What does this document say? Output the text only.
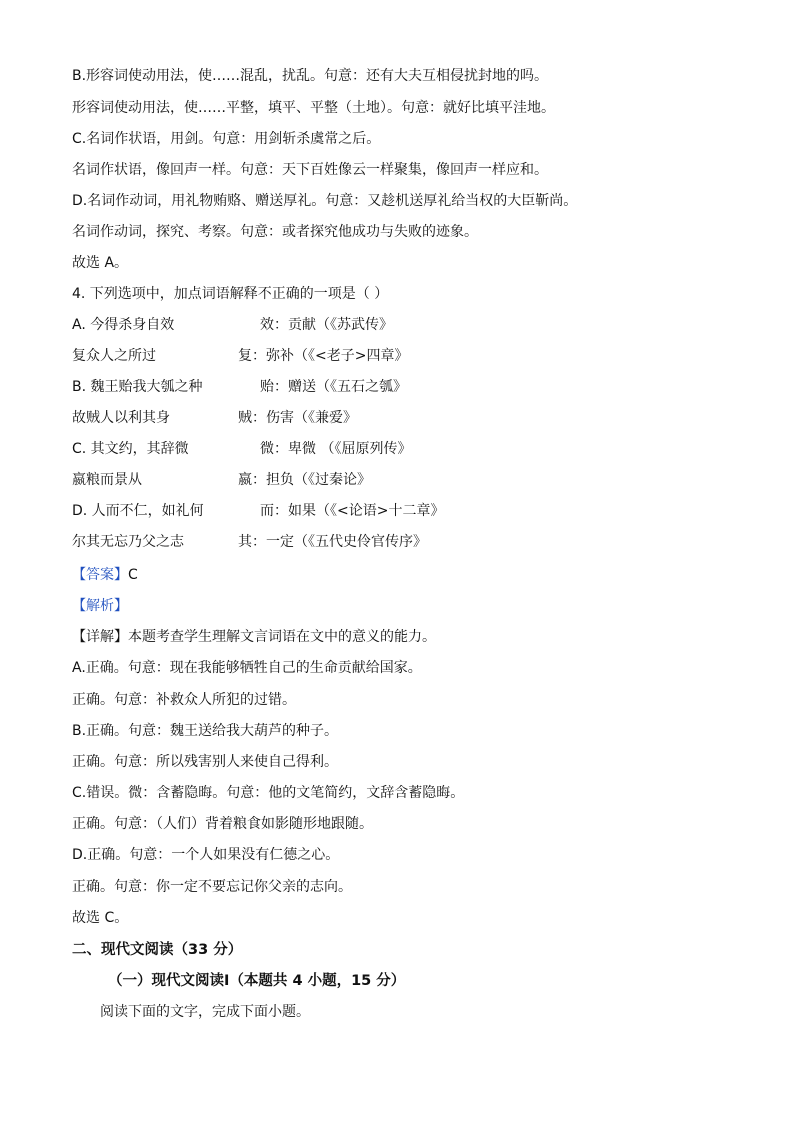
B.形容词使动用法，使……混乱，扰乱。句意：还有大夫互相侵扰封地的吗。
形容词使动用法，使……平整，填平、平整（土地）。句意：就好比填平洼地。
C.名词作状语，用剑。句意：用剑斩杀虞常之后。
名词作状语，像回声一样。句意：天下百姓像云一样聚集，像回声一样应和。
D.名词作动词，用礼物贿赂、赠送厚礼。句意：又趁机送厚礼给当权的大臣靳尚。
名词作动词，探究、考察。句意：或者探究他成功与失败的迹象。
故选 A。
4. 下列选项中，加点词语解释不正确的一项是（ ）
A. 今得杀身自效	效：贡献（《苏武传》
复众人之所过	复：弥补（《<老子>四章》
B. 魏王贻我大瓠之种	贻：赠送（《五石之瓠》
故贼人以利其身	贼：伤害（《兼爱》
C. 其文约，其辞微	微：卑微 （《屈原列传》
嬴粮而景从	嬴：担负（《过秦论》
D. 人而不仁，如礼何	而：如果（《<论语>十二章》
尔其无忘乃父之志	其：一定（《五代史伶官传序》
【答案】C
【解析】
【详解】本题考查学生理解文言词语在文中的意义的能力。
A.正确。句意：现在我能够牺牲自己的生命贡献给国家。
正确。句意：补救众人所犯的过错。
B.正确。句意：魏王送给我大葫芦的种子。
正确。句意：所以残害别人来使自己得利。
C.错误。微：含蓄隐晦。句意：他的文笔简约，文辞含蓄隐晦。
正确。句意：（人们）背着粮食如影随形地跟随。
D.正确。句意：一个人如果没有仁德之心。
正确。句意：你一定不要忘记你父亲的志向。
故选 C。
二、现代文阅读（33 分）
（一）现代文阅读Ⅰ（本题共 4 小题，15 分）
阅读下面的文字，完成下面小题。
